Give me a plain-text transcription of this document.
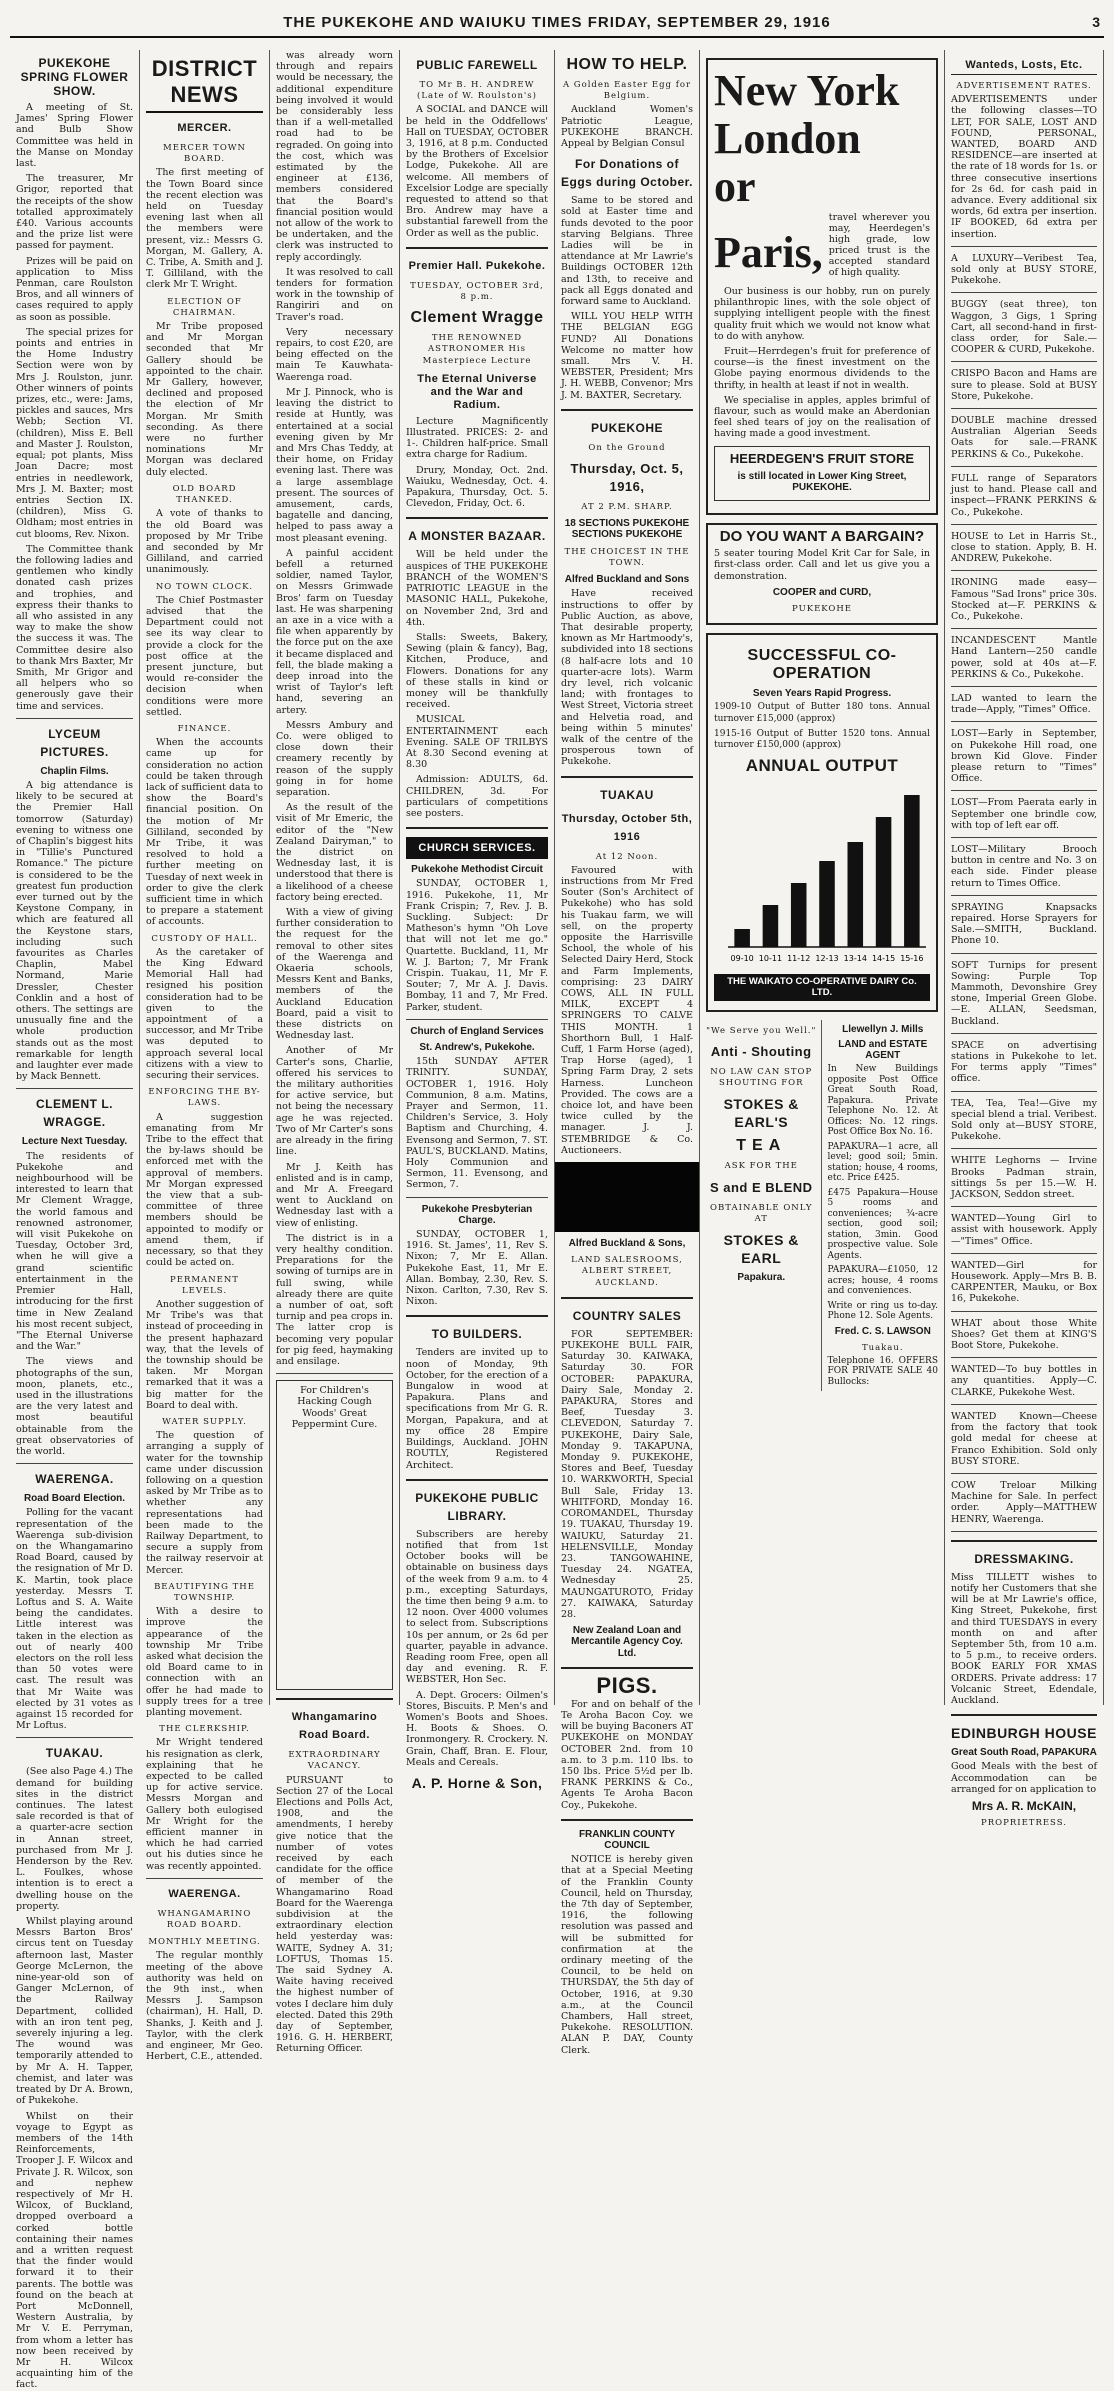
THE PUKEKOHE AND WAIUKU TIMES FRIDAY, SEPTEMBER 29, 1916	3
PUKEKOHE SPRING FLOWER SHOW.

A meeting of St. James' Spring Flower and Bulb Show Committee was held in the Manse on Monday last.

The treasurer, Mr Grigor, reported that the receipts of the show totalled approximately £40. Various accounts and the prize list were passed for payment.

Prizes will be paid on application to Miss Penman, care Roulston Bros, and all winners of cases required to apply as soon as possible.

The special prizes for points and entries in the Home Industry Section were won by Mrs J. Roulston, junr. Other winners of points prizes, etc., were: Jams, pickles and sauces, Mrs Webb; Section VI. (children), Miss E. Bell and Master J. Roulston, equal; pot plants, Miss Joan Dacre; most entries in needlework, Mrs J. M. Baxter; most entries Section IX. (children), Miss G. Oldham; most entries in cut blooms, Rev. Nixon.

The Committee thank the following ladies and gentlemen who kindly donated cash prizes and trophies, and express their thanks to all who assisted in any way to make the show the success it was. The Committee desire also to thank Mrs Baxter, Mr Smith, Mr Grigor and all helpers who so generously gave their time and services.

LYCEUM PICTURES.
Chaplin Films.

A big attendance is likely to be secured at the Premier Hall tomorrow (Saturday) evening to witness one of Chaplin's biggest hits in "Tillie's Punctured Romance." The picture is considered to be the greatest fun production ever turned out by the Keystone Company, in which are featured all the Keystone stars, including such favourites as Charles Chaplin, Mabel Normand, Marie Dressler, Chester Conklin and a host of others. The settings are unusually fine and the whole production stands out as the most remarkable for length and laughter ever made by Mack Bennett.

CLEMENT L. WRAGGE.
Lecture Next Tuesday.

The residents of Pukekohe and neighbourhood will be interested to learn that Mr Clement Wragge, the world famous and renowned astronomer, will visit Pukekohe on Tuesday, October 3rd, when he will give a grand scientific entertainment in the Premier Hall, introducing for the first time in New Zealand his most recent subject, "The Eternal Universe and the War."

The views and photographs of the sun, moon, planets, etc., used in the illustrations are the very latest and most beautiful obtainable from the great observatories of the world.

WAERENGA.
Road Board Election.

Polling for the vacant representation of the Waerenga sub-division on the Whangamarino Road Board, caused by the resignation of Mr D. K. Martin, took place yesterday. Messrs T. Loftus and S. A. Waite being the candidates. Little interest was taken in the election as out of nearly 400 electors on the roll less than 50 votes were cast. The result was that Mr Waite was elected by 31 votes as against 15 recorded for Mr Loftus.

TUAKAU.

(See also Page 4.) The demand for building sites in the district continues. The latest sale recorded is that of a quarter-acre section in Annan street, purchased from Mr J. Henderson by the Rev. L. Foulkes, whose intention is to erect a dwelling house on the property.

Whilst playing around Messrs Barton Bros' circus tent on Tuesday afternoon last, Master George McLernon, the nine-year-old son of Ganger McLernon, of the Railway Department, collided with an iron tent peg, severely injuring a leg. The wound was temporarily attended to by Mr A. H. Tapper, chemist, and later was treated by Dr A. Brown, of Pukekohe.

Whilst on their voyage to Egypt as members of the 14th Reinforcements, Trooper J. F. Wilcox and Private J. R. Wilcox, son and nephew respectively of Mr H. Wilcox, of Buckland, dropped overboard a corked bottle containing their names and a written request that the finder would forward it to their parents. The bottle was found on the beach at Port McDonnell, Western Australia, by Mr V. E. Perryman, from whom a letter has now been received by Mr H. Wilcox acquainting him of the fact.

DISTRICT NEWS
MERCER.
MERCER TOWN BOARD.

The first meeting of the Town Board since the recent election was held on Tuesday evening last when all the members were present, viz.: Messrs G. Morgan, M. Gallery, A. C. Tribe, A. Smith and J. T. Gilliland, with the clerk Mr T. Wright.

ELECTION OF CHAIRMAN.

Mr Tribe proposed and Mr Morgan seconded that Mr Gallery should be appointed to the chair. Mr Gallery, however, declined and proposed the election of Mr Morgan. Mr Smith seconding. As there were no further nominations Mr Morgan was declared duly elected.

OLD BOARD THANKED.

A vote of thanks to the old Board was proposed by Mr Tribe and seconded by Mr Gilliland, and carried unanimously.

NO TOWN CLOCK.

The Chief Postmaster advised that the Department could not see its way clear to provide a clock for the post office at the present juncture, but would re-consider the decision when conditions were more settled.

FINANCE.

When the accounts came up for consideration no action could be taken through lack of sufficient data to show the Board's financial position. On the motion of Mr Gilliland, seconded by Mr Tribe, it was resolved to hold a further meeting on Tuesday of next week in order to give the clerk sufficient time in which to prepare a statement of accounts.

CUSTODY OF HALL.

As the caretaker of the King Edward Memorial Hall had resigned his position consideration had to be given to the appointment of a successor, and Mr Tribe was deputed to approach several local citizens with a view to securing their services.

ENFORCING THE BY-LAWS.

A suggestion emanating from Mr Tribe to the effect that the by-laws should be enforced met with the approval of members. Mr Morgan expressed the view that a sub-committee of three members should be appointed to modify or amend them, if necessary, so that they could be acted on.

PERMANENT LEVELS.

Another suggestion of Mr Tribe's was that instead of proceeding in the present haphazard way, that the levels of the township should be taken. Mr Morgan remarked that it was a big matter for the Board to deal with.

WATER SUPPLY.

The question of arranging a supply of water for the township came under discussion following on a question asked by Mr Tribe as to whether any representations had been made to the Railway Department, to secure a supply from the railway reservoir at Mercer.

BEAUTIFYING THE TOWNSHIP.

With a desire to improve the appearance of the township Mr Tribe asked what decision the old Board came to in connection with an offer he had made to supply trees for a tree planting movement.

THE CLERKSHIP.

Mr Wright tendered his resignation as clerk, explaining that he expected to be called up for active service. Messrs Morgan and Gallery both eulogised Mr Wright for the efficient manner in which he had carried out his duties since he was recently appointed.

WAERENGA.
WHANGAMARINO ROAD BOARD.
MONTHLY MEETING.

The regular monthly meeting of the above authority was held on the 9th inst., when Messrs J. Sampson (chairman), H. Hall, D. Shanks, J. Keith and J. Taylor, with the clerk and engineer, Mr Geo. Herbert, C.E., attended.

was already worn through and repairs would be necessary, the additional expenditure being involved it would be considerably less than if a well-metalled road had to be regraded. On going into the cost, which was estimated by the engineer at £136, members considered that the Board's financial position would not allow of the work to be undertaken, and the clerk was instructed to reply accordingly.

It was resolved to call tenders for formation work in the township of Rangiriri and on Traver's road.

Very necessary repairs, to cost £20, are being effected on the main Te Kauwhata-Waerenga road.

Mr J. Pinnock, who is leaving the district to reside at Huntly, was entertained at a social evening given by Mr and Mrs Chas Teddy, at their home, on Friday evening last. There was a large assemblage present. The sources of amusement, cards, bagatelle and dancing, helped to pass away a most pleasant evening.

A painful accident befell a returned soldier, named Taylor, on Messrs Grimwade Bros' farm on Tuesday last. He was sharpening an axe in a vice with a file when apparently by the force put on the axe it became displaced and fell, the blade making a deep inroad into the wrist of Taylor's left hand, severing an artery.

Messrs Ambury and Co. were obliged to close down their creamery recently by reason of the supply going in for home separation.

As the result of the visit of Mr Emeric, the editor of the "New Zealand Dairyman," to the district on Wednesday last, it is understood that there is a likelihood of a cheese factory being erected.

With a view of giving further consideration to the request for the removal to other sites of the Waerenga and Okaeria schools, Messrs Kent and Banks, members of the Auckland Education Board, paid a visit to these districts on Wednesday last.

Another of Mr Carter's sons, Charlie, offered his services to the military authorities for active service, but not being the necessary age he was rejected. Two of Mr Carter's sons are already in the firing line.

Mr J. Keith has enlisted and is in camp, and Mr A. Freegard went to Auckland on Wednesday last with a view of enlisting.

The district is in a very healthy condition. Preparations for the sowing of turnips are in full swing, while already there are quite a number of oat, soft turnip and pea crops in. The latter crop is becoming very popular for pig feed, haymaking and ensilage.

For Children's Hacking Cough Woods' Great Peppermint Cure.

Whangamarino Road Board.
EXTRAORDINARY VACANCY.

PURSUANT to Section 27 of the Local Elections and Polls Act, 1908, and the amendments, I hereby give notice that the number of votes received by each candidate for the office of member of the Whangamarino Road Board for the Waerenga subdivision at the extraordinary election held yesterday was: WAITE, Sydney A. 31; LOFTUS, Thomas 15. The said Sydney A. Waite having received the highest number of votes I declare him duly elected. Dated this 29th day of September, 1916. G. H. HERBERT, Returning Officer.

PUBLIC FAREWELL
TO Mr B. H. ANDREW (Late of W. Roulston's)

A SOCIAL and DANCE will be held in the Oddfellows' Hall on TUESDAY, OCTOBER 3, 1916, at 8 p.m. Conducted by the Brothers of Excelsior Lodge, Pukekohe. All are welcome. All members of Excelsior Lodge are specially requested to attend so that Bro. Andrew may have a substantial farewell from the Order as well as the public.

Premier Hall. Pukekohe.
TUESDAY, OCTOBER 3rd, 8 p.m.
Clement Wragge
THE RENOWNED ASTRONOMER His Masterpiece Lecture
The Eternal Universe and the War and Radium.

Lecture Magnificently Illustrated. PRICES: 2- and 1-. Children half-price. Small extra charge for Radium.

Drury, Monday, Oct. 2nd. Waiuku, Wednesday, Oct. 4. Papakura, Thursday, Oct. 5. Clevedon, Friday, Oct. 6.

A MONSTER BAZAAR.

Will be held under the auspices of THE PUKEKOHE BRANCH of the WOMEN'S PATRIOTIC LEAGUE in the MASONIC HALL, Pukekohe, on November 2nd, 3rd and 4th.

Stalls: Sweets, Bakery, Sewing (plain & fancy), Bag, Kitchen, Produce, and Flowers. Donations for any of these stalls in kind or money will be thankfully received.

MUSICAL ENTERTAINMENT each Evening. SALE OF TRILBYS At 8.30 Second evening at 8.30

Admission: ADULTS, 6d. CHILDREN, 3d. For particulars of competitions see posters.

CHURCH SERVICES.
Pukekohe Methodist Circuit

SUNDAY, OCTOBER 1, 1916. Pukekohe, 11, Mr Frank Crispin; 7, Rev. J. B. Suckling. Subject: Dr Matheson's hymn "Oh Love that will not let me go." Quartette. Buckland, 11, Mr W. J. Barton; 7, Mr Frank Crispin. Tuakau, 11, Mr F. Souter; 7, Mr A. J. Davis. Bombay, 11 and 7, Mr Fred. Parker, student.

Church of England Services
St. Andrew's, Pukekohe.

15th SUNDAY AFTER TRINITY. SUNDAY, OCTOBER 1, 1916. Holy Communion, 8 a.m. Matins, Prayer and Sermon, 11. Children's Service, 3. Holy Baptism and Churching, 4. Evensong and Sermon, 7. ST. PAUL'S, BUCKLAND. Matins, Holy Communion and Sermon, 11. Evensong, and Sermon, 7.

Pukekohe Presbyterian Charge.

SUNDAY, OCTOBER 1, 1916. St. James', 11, Rev S. Nixon; 7, Mr E. Allan. Pukekohe East, 11, Mr E. Allan. Bombay, 2.30, Rev. S. Nixon. Carlton, 7.30, Rev S. Nixon.

TO BUILDERS.

Tenders are invited up to noon of Monday, 9th October, for the erection of a Bungalow in wood at Papakura. Plans and specifications from Mr G. R. Morgan, Papakura, and at my office 28 Empire Buildings, Auckland. JOHN ROUTLY, Registered Architect.

PUKEKOHE PUBLIC LIBRARY.

Subscribers are hereby notified that from 1st October books will be obtainable on business days of the week from 9 a.m. to 4 p.m., excepting Saturdays, the time then being 9 a.m. to 12 noon. Over 4000 volumes to select from. Subscriptions 10s per annum, or 2s 6d per quarter, payable in advance. Reading room Free, open all day and evening. R. F. WEBSTER, Hon Sec.

A. Dept. Grocers: Oilmen's Stores, Biscuits. P. Men's and Women's Boots and Shoes. H. Boots & Shoes. O. Ironmongery. R. Crockery. N. Grain, Chaff, Bran. E. Flour, Meals and Cereals.

A. P. Horne & Son,
HOW TO HELP.
A Golden Easter Egg for Belgium.

Auckland Women's Patriotic League, PUKEKOHE BRANCH. Appeal by Belgian Consul

For Donations of Eggs during October.

Same to be stored and sold at Easter time and funds devoted to the poor starving Belgians. Three Ladies will be in attendance at Mr Lawrie's Buildings OCTOBER 12th and 13th, to receive and pack all Eggs donated and forward same to Auckland.

WILL YOU HELP WITH THE BELGIAN EGG FUND? All Donations Welcome no matter how small. Mrs V. H. WEBSTER, President; Mrs J. H. WEBB, Convenor; Mrs J. M. BAXTER, Secretary.

PUKEKOHE
On the Ground
Thursday, Oct. 5, 1916,
AT 2 P.M. SHARP.
18 SECTIONS PUKEKOHE SECTIONS PUKEKOHE
THE CHOICEST IN THE TOWN.
Alfred Buckland and Sons

Have received instructions to offer by Public Auction, as above, That desirable property, known as Mr Hartmoody's, subdivided into 18 sections (8 half-acre lots and 10 quarter-acre lots). Warm dry level, rich volcanic land; with frontages to West Street, Victoria street and Helvetia road, and being within 5 minutes' walk of the centre of the prosperous town of Pukekohe.

TUAKAU
Thursday, October 5th, 1916
At 12 Noon.

Favoured with instructions from Mr Fred Souter (Son's Architect of Pukekohe) who has sold his Tuakau farm, we will sell, on the property opposite the Harrisville School, the whole of his Selected Dairy Herd, Stock and Farm Implements, comprising: 23 DAIRY COWS, ALL IN FULL MILK, EXCEPT 4 SPRINGERS TO CALVE THIS MONTH. 1 Shorthorn Bull, 1 Half-Cuff, 1 Farm Horse (aged), Trap Horse (aged), 1 Spring Farm Dray, 2 sets Harness. Luncheon Provided. The cows are a choice lot, and have been twice culled by the manager. J. J. STEMBRIDGE & Co. Auctioneers.

Alfred Buckland & Sons,
LAND SALESROOMS, ALBERT STREET, AUCKLAND.
COUNTRY SALES

FOR SEPTEMBER: PUKEKOHE BULL FAIR, Saturday 30. KAIWAKA, Saturday 30. FOR OCTOBER: PAPAKURA, Dairy Sale, Monday 2. PAPAKURA, Stores and Beef, Tuesday 3. CLEVEDON, Saturday 7. PUKEKOHE, Dairy Sale, Monday 9. TAKAPUNA, Monday 9. PUKEKOHE, Stores and Beef, Tuesday 10. WARKWORTH, Special Bull Sale, Friday 13. WHITFORD, Monday 16. COROMANDEL, Thursday 19. TUAKAU, Thursday 19. WAIUKU, Saturday 21. HELENSVILLE, Monday 23. TANGOWAHINE, Tuesday 24. NGATEA, Wednesday 25. MAUNGATUROTO, Friday 27. KAIWAKA, Saturday 28.

New Zealand Loan and Mercantile Agency Coy. Ltd.
PIGS.

For and on behalf of the Te Aroha Bacon Coy. we will be buying Baconers AT PUKEKOHE on MONDAY OCTOBER 2nd. from 10 a.m. to 3 p.m. 110 lbs. to 150 lbs. Price 5½d per lb. FRANK PERKINS & Co., Agents Te Aroha Bacon Coy., Pukekohe.

FRANKLIN COUNTY COUNCIL

NOTICE is hereby given that at a Special Meeting of the Franklin County Council, held on Thursday, the 7th day of September, 1916, the following resolution was passed and will be submitted for confirmation at the ordinary meeting of the Council, to be held on THURSDAY, the 5th day of October, 1916, at 9.30 a.m., at the Council Chambers, Hall street, Pukekohe. RESOLUTION. ALAN P. DAY, County Clerk.

New York
London
or
Paris,
travel wherever you may, Heerdegen's high grade, low priced trust is the accepted standard of high quality.

Our business is our hobby, run on purely philanthropic lines, with the sole object of supplying intelligent people with the finest quality fruit which we would not know what to do with anyhow.

Fruit—Herrdegen's fruit for preference of course—is the finest investment on the Globe paying enormous dividends to the thrifty, in health at least if not in wealth.

We specialise in apples, apples brimful of flavour, such as would make an Aberdonian feel shed tears of joy on the realisation of having made a good investment.

HEERDEGEN'S FRUIT STORE
is still located in Lower King Street, PUKEKOHE.
DO YOU WANT A BARGAIN?

5 seater touring Model Krit Car for Sale, in first-class order. Call and let us give you a demonstration.

COOPER and CURD,
PUKEKOHE
SUCCESSFUL CO-OPERATION
Seven Years Rapid Progress.

1909-10 Output of Butter 180 tons. Annual turnover £15,000 (approx)

1915-16 Output of Butter 1520 tons. Annual turnover £150,000 (approx)

ANNUAL OUTPUT
09-10 10-11 11-12 12-13 13-14 14-15 15-16
THE WAIKATO CO-OPERATIVE DAIRY Co. LTD.
"We Serve you Well."
Anti - Shouting
NO LAW CAN STOP SHOUTING FOR
STOKES & EARL'S
TEA
ASK FOR THE
S and E BLEND
OBTAINABLE ONLY AT
STOKES & EARL
Papakura.
Llewellyn J. Mills
LAND and ESTATE AGENT

In New Buildings opposite Post Office Great South Road, Papakura. Private Telephone No. 12. At Offices: No. 12 rings. Post Office Box No. 16.

PAPAKURA—1 acre, all level; good soil; 5min. station; house, 4 rooms, etc. Price £425.

£475 Papakura—House 5 rooms and conveniences; ¾-acre section, good soil; station, 3min. Good prospective value. Sole Agents.

PAPAKURA—£1050, 12 acres; house, 4 rooms and conveniences.

Write or ring us to-day. Phone 12. Sole Agents.

Fred. C. S. LAWSON
Tuakau.

Telephone 16. OFFERS FOR PRIVATE SALE 40 Bullocks:

Wanteds, Losts, Etc.
ADVERTISEMENT RATES.

ADVERTISEMENTS under the following classes—TO LET, FOR SALE, LOST AND FOUND, PERSONAL, WANTED, BOARD AND RESIDENCE—are inserted at the rate of 18 words for 1s. or three consecutive insertions for 2s 6d. for cash paid in advance. Every additional six words, 6d extra per insertion. IF BOOKED, 6d extra per insertion.

A LUXURY—Veribest Tea, sold only at BUSY STORE, Pukekohe.

BUGGY (seat three), ton Waggon, 3 Gigs, 1 Spring Cart, all second-hand in first-class order, for Sale.—COOPER & CURD, Pukekohe.

CRISPO Bacon and Hams are sure to please. Sold at BUSY Store, Pukekohe.

DOUBLE machine dressed Australian Algerian Seeds Oats for sale.—FRANK PERKINS & Co., Pukekohe.

FULL range of Separators just to hand. Please call and inspect—FRANK PERKINS & Co., Pukekohe.

HOUSE to Let in Harris St., close to station. Apply, B. H. ANDREW, Pukekohe.

IRONING made easy—Famous "Sad Irons" price 30s. Stocked at—F. PERKINS & Co., Pukekohe.

INCANDESCENT Mantle Hand Lantern—250 candle power, sold at 40s at—F. PERKINS & Co., Pukekohe.

LAD wanted to learn the trade—Apply, "Times" Office.

LOST—Early in September, on Pukekohe Hill road, one brown Kid Glove. Finder please return to "Times" Office.

LOST—From Paerata early in September one brindle cow, with top of left ear off.

LOST—Military Brooch button in centre and No. 3 on each side. Finder please return to Times Office.

SPRAYING Knapsacks repaired. Horse Sprayers for Sale.—SMITH, Buckland. Phone 10.

SOFT Turnips for present Sowing: Purple Top Mammoth, Devonshire Grey stone, Imperial Green Globe.—E. ALLAN, Seedsman, Buckland.

SPACE on advertising stations in Pukekohe to let. For terms apply "Times" office.

TEA, Tea, Tea!—Give my special blend a trial. Veribest. Sold only at—BUSY STORE, Pukekohe.

WHITE Leghorns — Irvine Brooks Padman strain, sittings 5s per 15.—W. H. JACKSON, Seddon street.

WANTED—Young Girl to assist with housework. Apply—"Times" Office.

WANTED—Girl for Housework. Apply—Mrs B. B. CARPENTER, Mauku, or Box 16, Pukekohe.

WHAT about those White Shoes? Get them at KING'S Boot Store, Pukekohe.

WANTED—To buy bottles in any quantities. Apply—C. CLARKE, Pukekohe West.

WANTED Known—Cheese from the factory that took gold medal for cheese at Franco Exhibition. Sold only BUSY STORE.

COW Treloar Milking Machine for Sale. In perfect order. Apply—MATTHEW HENRY, Waerenga.

DRESSMAKING.

Miss TILLETT wishes to notify her Customers that she will be at Mr Lawrie's office, King Street, Pukekohe, first and third TUESDAYS in every month on and after September 5th, from 10 a.m. to 5 p.m., to receive orders. BOOK EARLY FOR XMAS ORDERS. Private address: 17 Volcanic Street, Edendale, Auckland.

EDINBURGH HOUSE
Great South Road, PAPAKURA

Good Meals with the best of Accommodation can be arranged for on application to

Mrs A. R. McKAIN,
PROPRIETRESS.
